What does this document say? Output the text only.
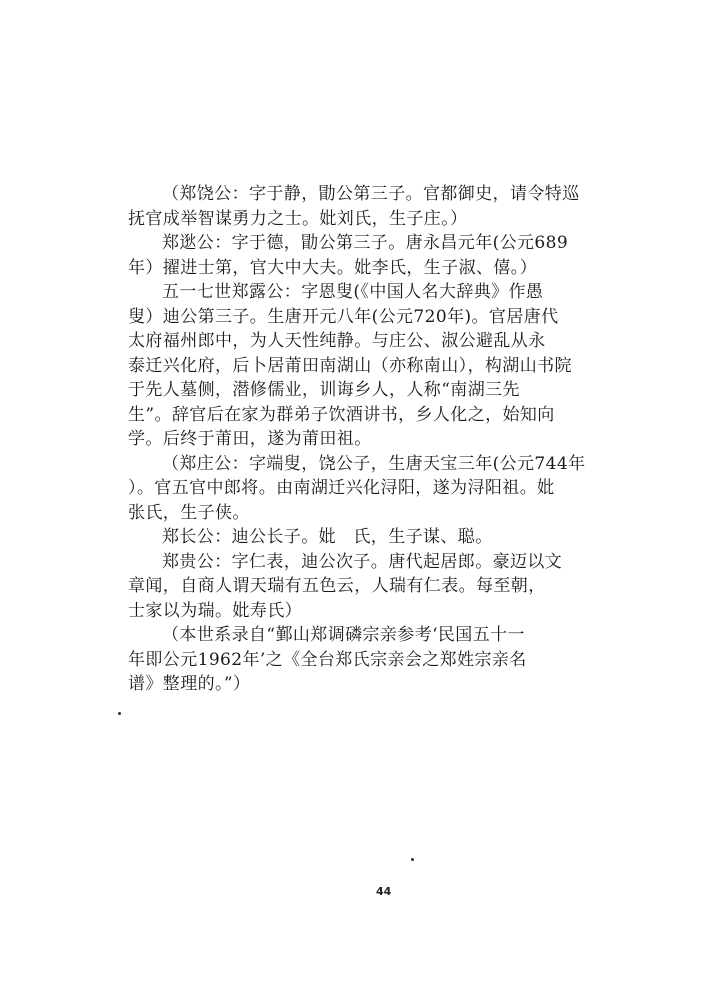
（郑饶公：字于静，勖公第三子。官都御史，请令特巡
抚官成举智谋勇力之士。妣刘氏，生子庄。）
郑逖公：字于德，勖公第三子。唐永昌元年(公元689
年）擢进士第，官大中大夫。妣李氏，生子淑、僖。）
五一七世郑露公：字恩叟(《中国人名大辞典》作愚
叟）迪公第三子。生唐开元八年(公元720年)。官居唐代
太府福州郎中，为人天性纯静。与庄公、淑公避乱从永
泰迁兴化府，后卜居莆田南湖山（亦称南山），构湖山书院
于先人墓侧，潜修儒业，训诲乡人，人称“南湖三先
生”。辞官后在家为群弟子饮酒讲书，乡人化之，始知向
学。后终于莆田，遂为莆田祖。
（郑庄公：字端叟，饶公子，生唐天宝三年(公元744年
）。官五官中郎将。由南湖迁兴化浔阳，遂为浔阳祖。妣
张氏，生子侠。
郑长公：迪公长子。妣　氏，生子谋、聪。
郑贵公：字仁表，迪公次子。唐代起居郎。豪迈以文
章闻，自商人谓天瑞有五色云，人瑞有仁表。每至朝，
士家以为瑞。妣寿氏）
（本世系录自“鄞山郑调磷宗亲参考‘民国五十一
年即公元1962年’之《全台郑氏宗亲会之郑姓宗亲名
谱》整理的。”）
44
